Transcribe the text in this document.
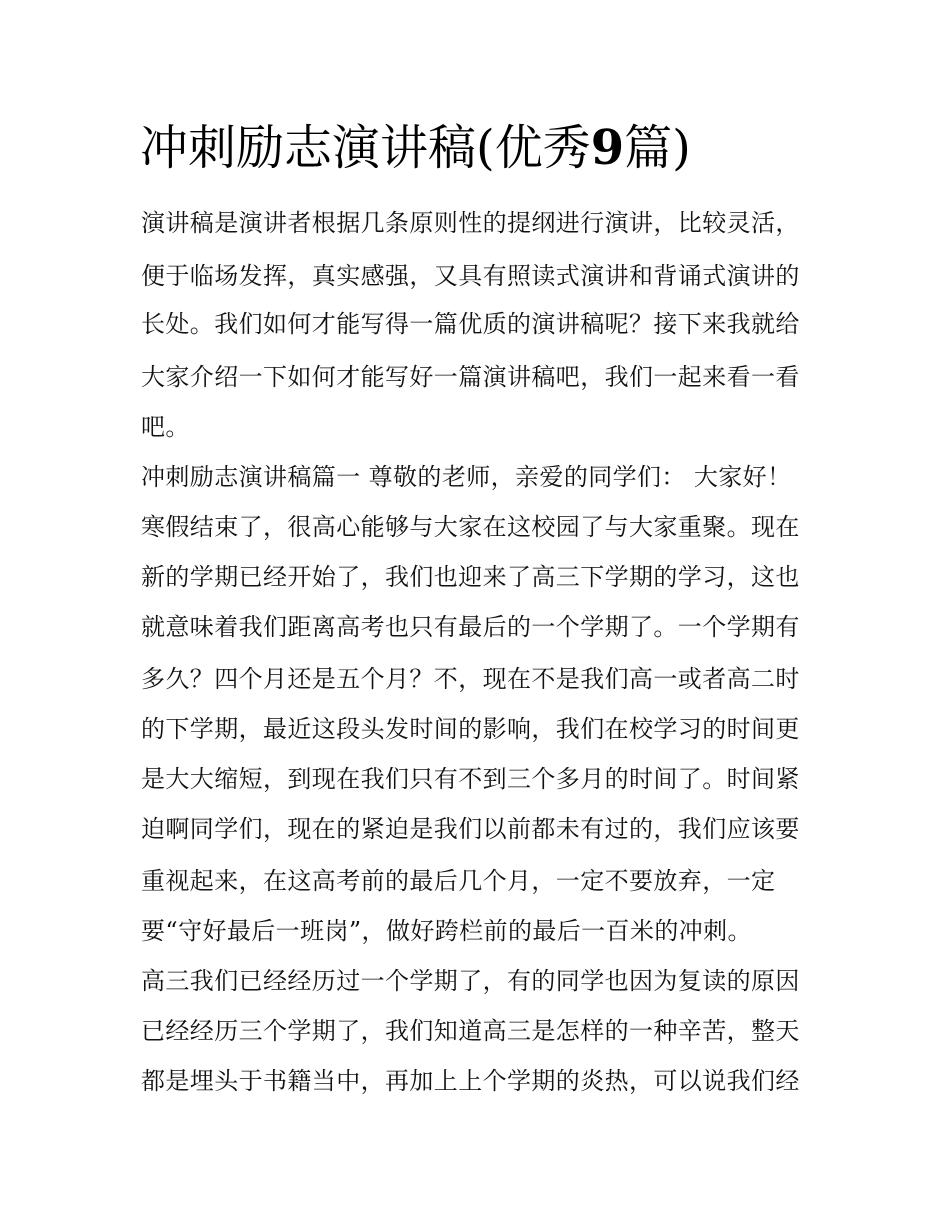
冲刺励志演讲稿(优秀9篇)

演讲稿是演讲者根据几条原则性的提纲进行演讲，比较灵活，

便于临场发挥，真实感强，又具有照读式演讲和背诵式演讲的

长处。我们如何才能写得一篇优质的演讲稿呢？接下来我就给

大家介绍一下如何才能写好一篇演讲稿吧，我们一起来看一看

吧。

冲刺励志演讲稿篇一 尊敬的老师，亲爱的同学们： 大家好！

寒假结束了，很高心能够与大家在这校园了与大家重聚。现在

新的学期已经开始了，我们也迎来了高三下学期的学习，这也

就意味着我们距离高考也只有最后的一个学期了。一个学期有

多久？四个月还是五个月？不，现在不是我们高一或者高二时

的下学期，最近这段头发时间的影响，我们在校学习的时间更

是大大缩短，到现在我们只有不到三个多月的时间了。时间紧

迫啊同学们，现在的紧迫是我们以前都未有过的，我们应该要

重视起来，在这高考前的最后几个月，一定不要放弃，一定

要“守好最后一班岗”，做好跨栏前的最后一百米的冲刺。

高三我们已经经历过一个学期了，有的同学也因为复读的原因

已经经历三个学期了，我们知道高三是怎样的一种辛苦，整天

都是埋头于书籍当中，再加上上个学期的炎热，可以说我们经
